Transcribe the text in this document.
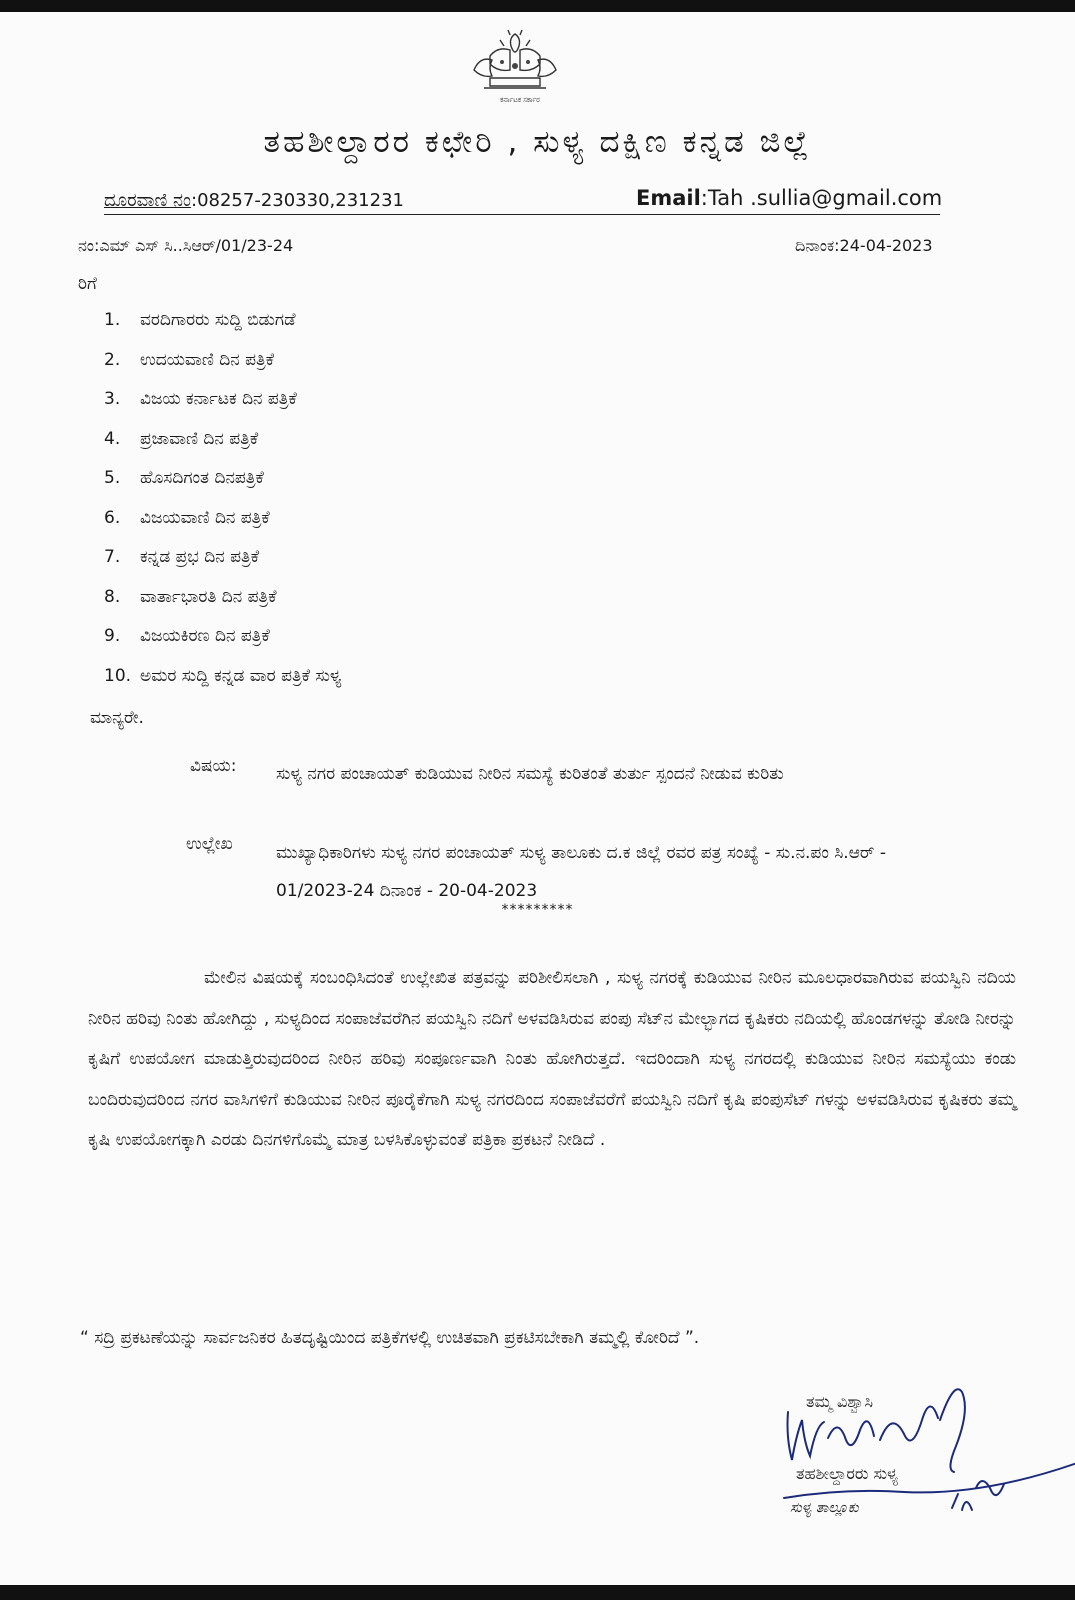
ಕರ್ನಾಟಕ ಸರ್ಕಾರ
ತಹಶೀಲ್ದಾರರ ಕಛೇರಿ , ಸುಳ್ಯ ದಕ್ಷಿಣ ಕನ್ನಡ ಜಿಲ್ಲೆ
ದೂರವಾಣಿ ನಂ:08257-230330,231231	Email:Tah .sullia@gmail.com
ನಂ:ಎಮ್ ಎಸ್ ಸಿ..ಸಿಆರ್/01/23-24	ದಿನಾಂಕ:24-04-2023
ರಿಗೆ
1.	ವರದಿಗಾರರು ಸುದ್ದಿ ಬಿಡುಗಡೆ
2.	ಉದಯವಾಣಿ ದಿನ ಪತ್ರಿಕೆ
3.	ವಿಜಯ ಕರ್ನಾಟಕ ದಿನ ಪತ್ರಿಕೆ
4.	ಪ್ರಜಾವಾಣಿ ದಿನ ಪತ್ರಿಕೆ
5.	ಹೊಸದಿಗಂತ ದಿನಪತ್ರಿಕೆ
6.	ವಿಜಯವಾಣಿ ದಿನ ಪತ್ರಿಕೆ
7.	ಕನ್ನಡ ಪ್ರಭ ದಿನ ಪತ್ರಿಕೆ
8.	ವಾರ್ತಾಭಾರತಿ ದಿನ ಪತ್ರಿಕೆ
9.	ವಿಜಯಕಿರಣ ದಿನ ಪತ್ರಿಕೆ
10. ಅಮರ ಸುದ್ದಿ ಕನ್ನಡ ವಾರ ಪತ್ರಿಕೆ ಸುಳ್ಯ
ಮಾನ್ಯರೇ.
ವಿಷಯ: ಸುಳ್ಯ ನಗರ ಪಂಚಾಯತ್ ಕುಡಿಯುವ ನೀರಿನ ಸಮಸ್ಯೆ ಕುರಿತಂತೆ ತುರ್ತು ಸ್ಪಂದನೆ ನೀಡುವ ಕುರಿತು
ಉಲ್ಲೇಖ	ಮುಖ್ಯಾಧಿಕಾರಿಗಳು ಸುಳ್ಯ ನಗರ ಪಂಚಾಯತ್ ಸುಳ್ಯ ತಾಲೂಕು ದ.ಕ ಜಿಲ್ಲೆ ರವರ ಪತ್ರ ಸಂಖ್ಯೆ - ಸು.ನ.ಪಂ ಸಿ.ಆರ್ - 01/2023-24 ದಿನಾಂಕ - 20-04-2023
*********
ಮೇಲಿನ ವಿಷಯಕ್ಕೆ ಸಂಬಂಧಿಸಿದಂತೆ ಉಲ್ಲೇಖಿತ ಪತ್ರವನ್ನು ಪರಿಶೀಲಿಸಲಾಗಿ , ಸುಳ್ಯ ನಗರಕ್ಕೆ ಕುಡಿಯುವ ನೀರಿನ ಮೂಲಧಾರವಾಗಿರುವ ಪಯಸ್ವಿನಿ ನದಿಯ ನೀರಿನ ಹರಿವು ನಿಂತು ಹೋಗಿದ್ದು , ಸುಳ್ಯದಿಂದ ಸಂಪಾಜೆವರೆಗಿನ ಪಯಸ್ವಿನಿ ನದಿಗೆ ಅಳವಡಿಸಿರುವ ಪಂಪು ಸೆಟ್‌ನ ಮೇಲ್ಭಾಗದ ಕೃಷಿಕರು ನದಿಯಲ್ಲಿ ಹೊಂಡಗಳನ್ನು ತೋಡಿ ನೀರನ್ನು ಕೃಷಿಗೆ ಉಪಯೋಗ ಮಾಡುತ್ತಿರುವುದರಿಂದ ನೀರಿನ ಹರಿವು ಸಂಪೂರ್ಣವಾಗಿ ನಿಂತು ಹೋಗಿರುತ್ತದೆ. ಇದರಿಂದಾಗಿ ಸುಳ್ಯ ನಗರದಲ್ಲಿ ಕುಡಿಯುವ ನೀರಿನ ಸಮಸ್ಯೆಯು ಕಂಡು ಬಂದಿರುವುದರಿಂದ ನಗರ ವಾಸಿಗಳಿಗೆ ಕುಡಿಯುವ ನೀರಿನ ಪೂರೈಕೆಗಾಗಿ ಸುಳ್ಯ ನಗರದಿಂದ ಸಂಪಾಜೆವರೆಗೆ ಪಯಸ್ವಿನಿ ನದಿಗೆ ಕೃಷಿ ಪಂಪುಸೆಟ್ ಗಳನ್ನು ಅಳವಡಿಸಿರುವ ಕೃಷಿಕರು ತಮ್ಮ ಕೃಷಿ ಉಪಯೋಗಕ್ಕಾಗಿ ಎರಡು ದಿನಗಳಿಗೊಮ್ಮೆ ಮಾತ್ರ ಬಳಸಿಕೊಳ್ಳುವಂತೆ ಪತ್ರಿಕಾ ಪ್ರಕಟನೆ ನೀಡಿದೆ .
“ ಸದ್ರಿ ಪ್ರಕಟಣೆಯನ್ನು ಸಾರ್ವಜನಿಕರ ಹಿತದೃಷ್ಟಿಯಿಂದ ಪತ್ರಿಕೆಗಳಲ್ಲಿ ಉಚಿತವಾಗಿ ಪ್ರಕಟಿಸಬೇಕಾಗಿ ತಮ್ಮಲ್ಲಿ ಕೋರಿದೆ ”.
ತಮ್ಮ ವಿಶ್ವಾಸಿ
ತಹಶೀಲ್ದಾರರು ಸುಳ್ಯ
ಸುಳ್ಯ ತಾಲ್ಲೂಕು
